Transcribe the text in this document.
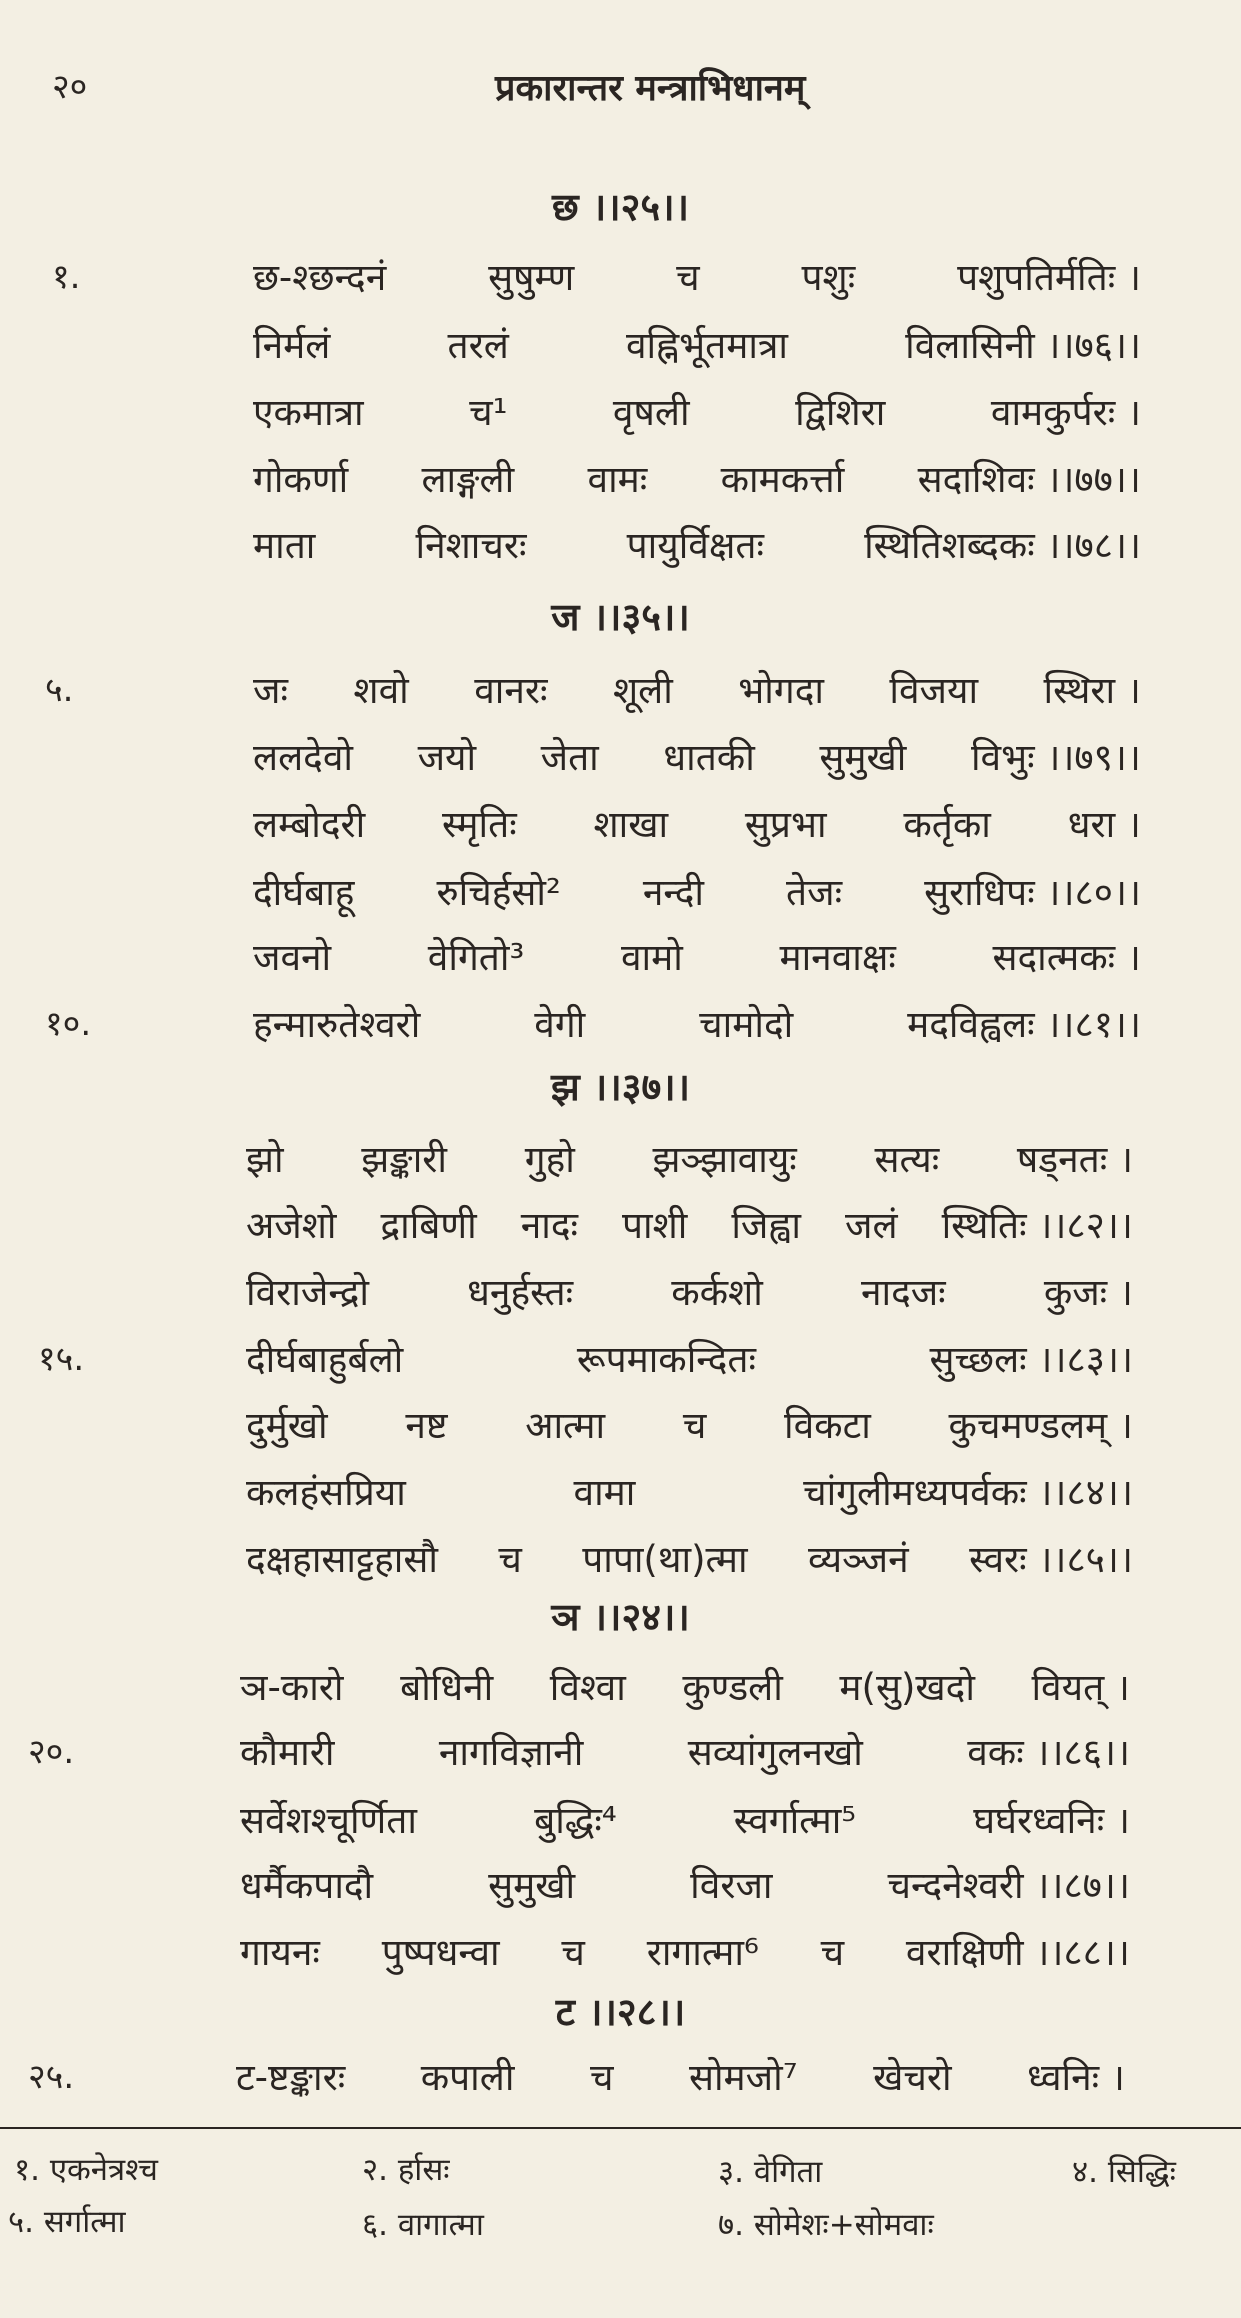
२०	प्रकारान्तर मन्त्राभिधानम्
छ ।।२५।।
१.	छ-श्छन्दनं	सुषुम्ण	च	पशुः	पशुपतिर्मतिः ।
निर्मलं	तरलं	वह्निर्भूतमात्रा	विलासिनी ।।७६।।
एकमात्रा	च¹	वृषली	द्विशिरा	वामकुर्परः ।
गोकर्णा लाङ्गली वामः कामकर्त्ता सदाशिवः ।।७७।।
माता	निशाचरः	पायुर्विक्षतः	स्थितिशब्दकः ।।७८।।
ज ।।३५।।
५.	जः शवो वानरः शूली भोगदा विजया स्थिरा ।
ललदेवो जयो जेता धातकी सुमुखी विभुः ।।७९।।
लम्बोदरी स्मृतिः शाखा सुप्रभा कर्तृका धरा ।
दीर्घबाहू रुचिर्हसो² नन्दी तेजः सुराधिपः ।।८०।।
जवनो	वेगितो³	वामो	मानवाक्षः	सदात्मकः ।
१०.	हन्मारुतेश्वरो	वेगी	चामोदो	मदविह्वलः ।।८१।।
झ ।।३७।।
झो झङ्कारी गुहो झञ्झावायुः सत्यः षड्नतः ।
अजेशो द्राबिणी नादः पाशी जिह्वा जलं स्थितिः ।।८२।।
विराजेन्द्रो	धनुर्हस्तः	कर्कशो	नादजः	कुजः ।
१५.	दीर्घबाहुर्बलो	रूपमाकन्दितः	सुच्छलः ।।८३।।
दुर्मुखो नष्ट आत्मा च विकटा कुचमण्डलम् ।
कलहंसप्रिया	वामा	चांगुलीमध्यपर्वकः ।।८४।।
दक्षहासाट्टहासौ च पापा(था)त्मा व्यञ्जनं स्वरः ।।८५।।
ञ ।।२४।।
ञ-कारो बोधिनी विश्वा कुण्डली म(सु)खदो वियत् ।
२०.	कौमारी	नागविज्ञानी	सव्यांगुलनखो	वकः ।।८६।।
सर्वेशश्चूर्णिता	बुद्धिः⁴	स्वर्गात्मा⁵	घर्घरध्वनिः ।
धर्मैकपादौ	सुमुखी	विरजा	चन्दनेश्वरी ।।८७।।
गायनः पुष्पधन्वा च रागात्मा⁶ च वराक्षिणी ।।८८।।
ट ।।२८।।
२५.	ट-ष्टङ्कारः कपाली च सोमजो⁷ खेचरो ध्वनिः ।
१. एकनेत्रश्च	२. र्हासः	३. वेगिता	४. सिद्धिः
५. सर्गात्मा	६. वागात्मा	७. सोमेशः+सोमवाः
